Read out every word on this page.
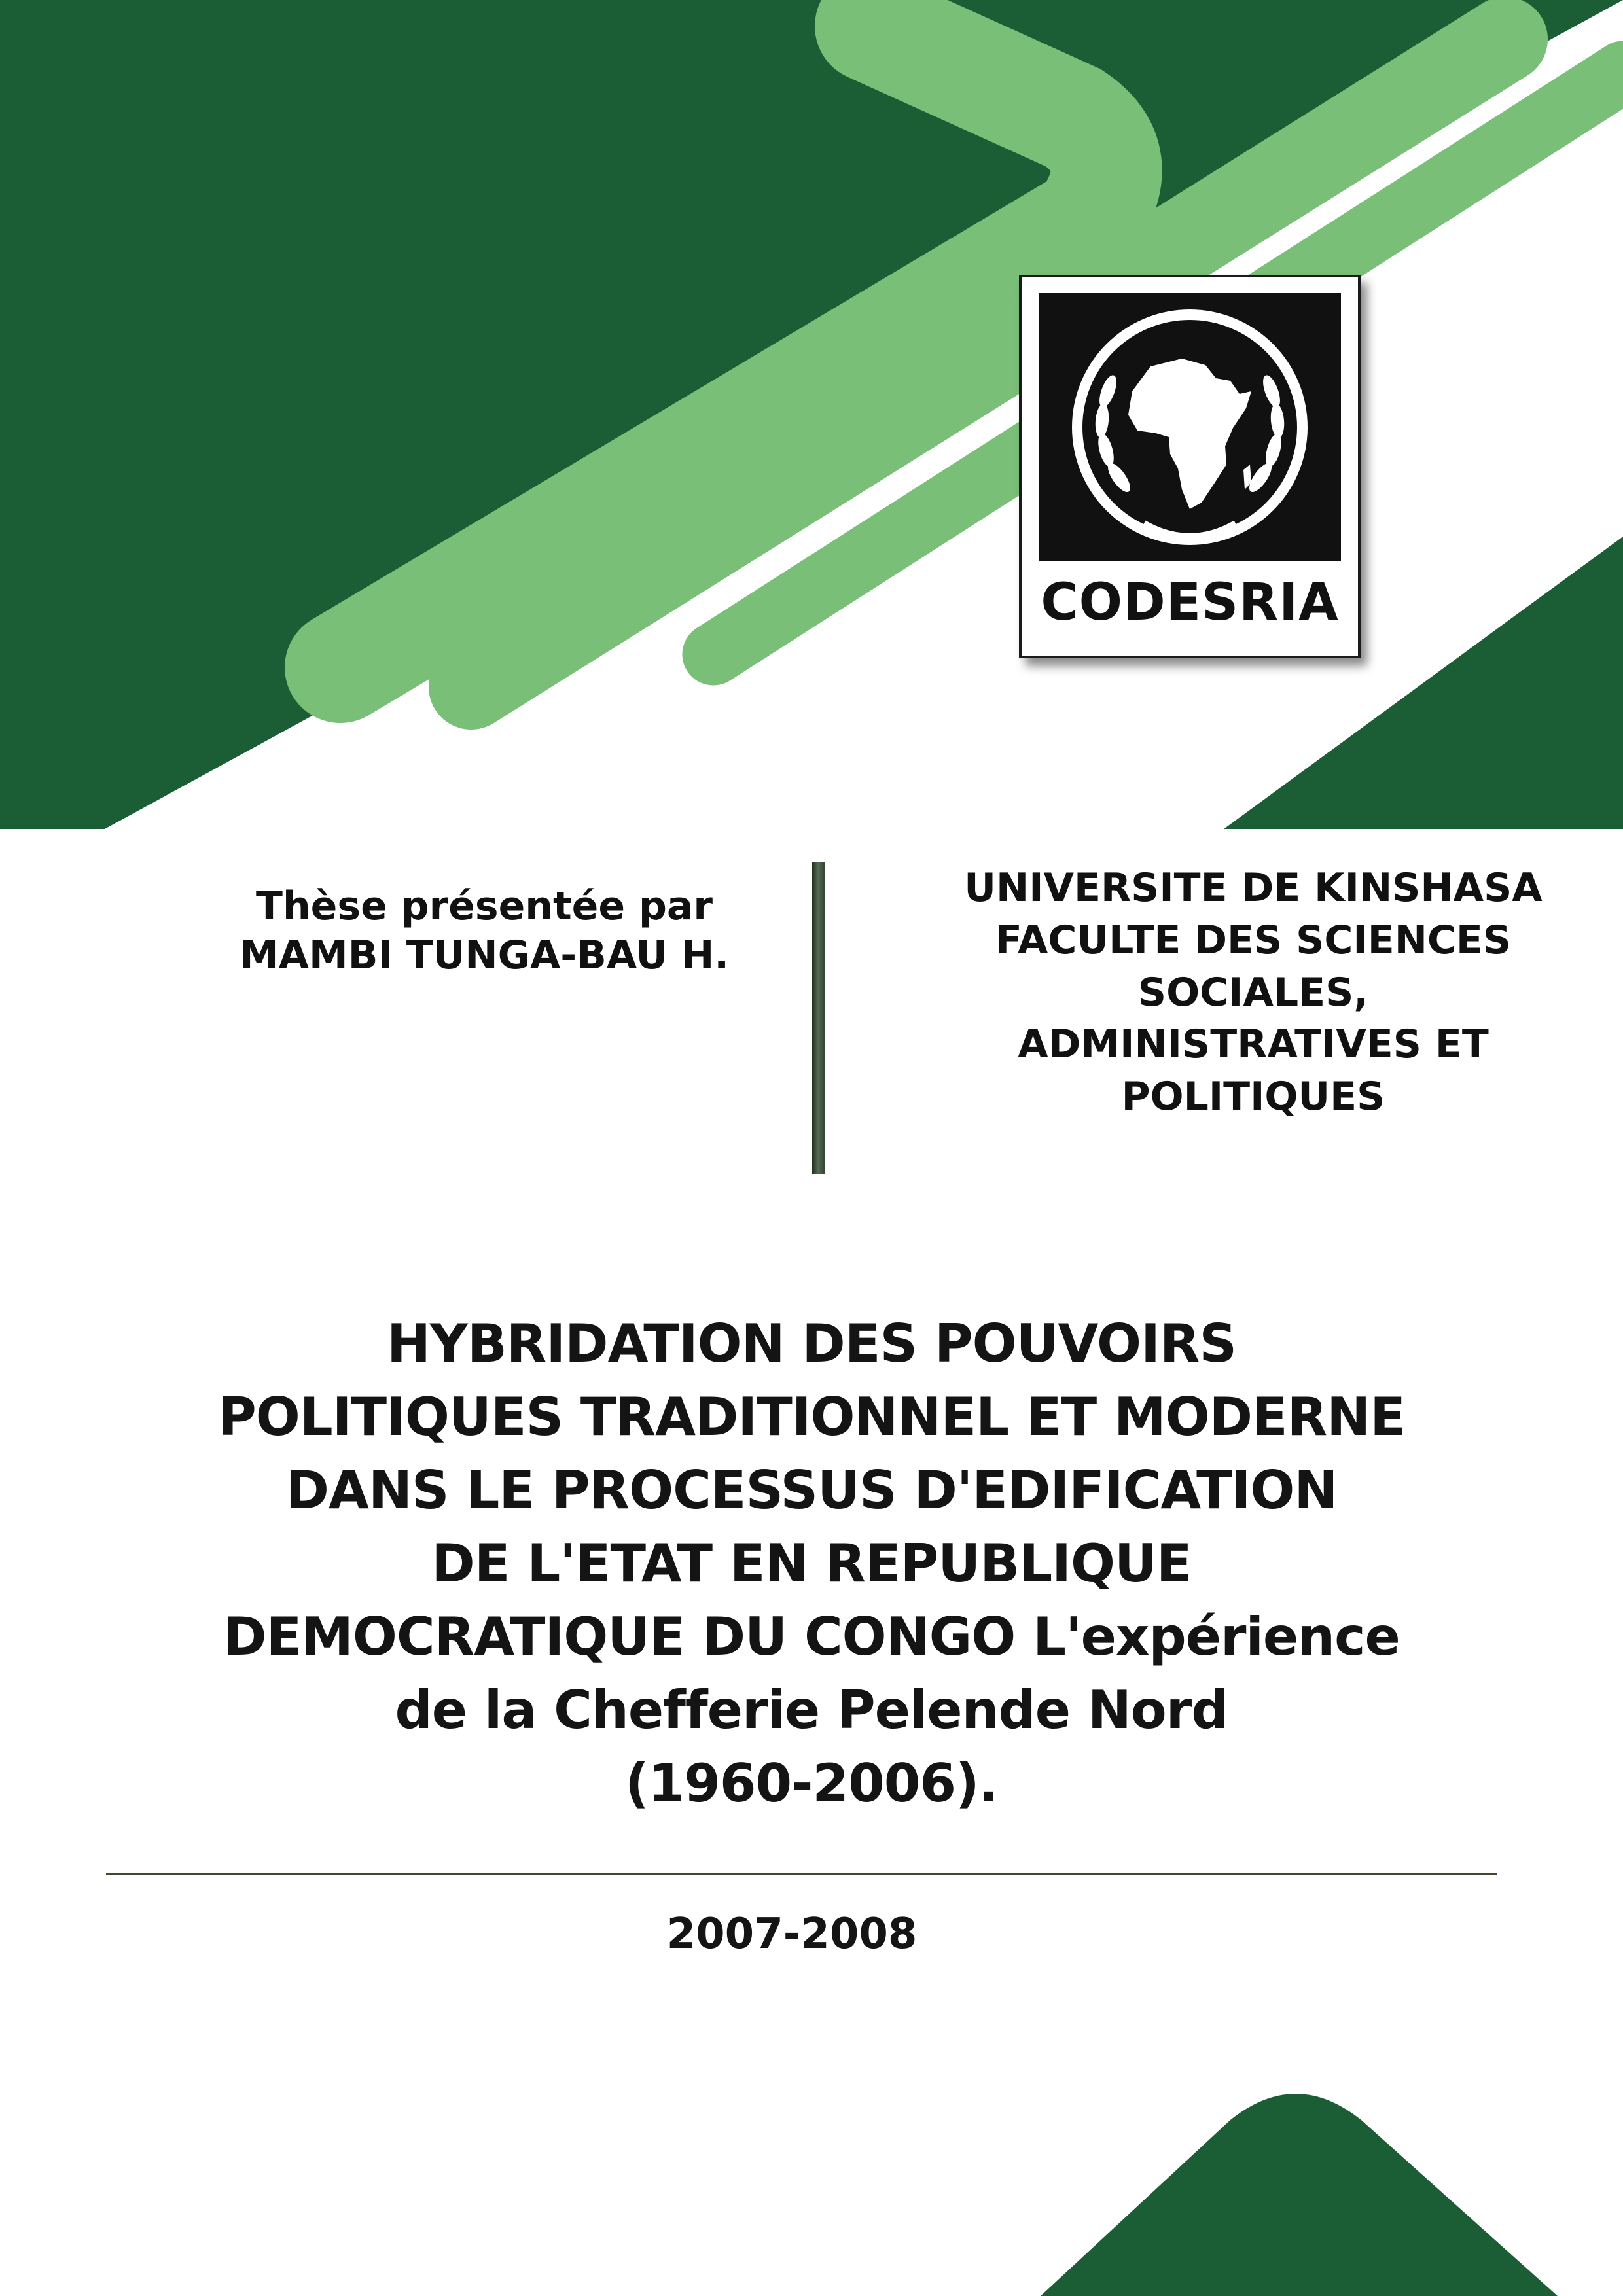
CODESRIA
Thèse présentée par
MAMBI TUNGA-BAU H.
UNIVERSITE DE KINSHASA
FACULTE DES SCIENCES
SOCIALES,
ADMINISTRATIVES ET
POLITIQUES
HYBRIDATION DES POUVOIRS
POLITIQUES TRADITIONNEL ET MODERNE
DANS LE PROCESSUS D'EDIFICATION
DE L'ETAT EN REPUBLIQUE
DEMOCRATIQUE DU CONGO L'expérience
de la Chefferie Pelende Nord
(1960-2006).
2007-2008
